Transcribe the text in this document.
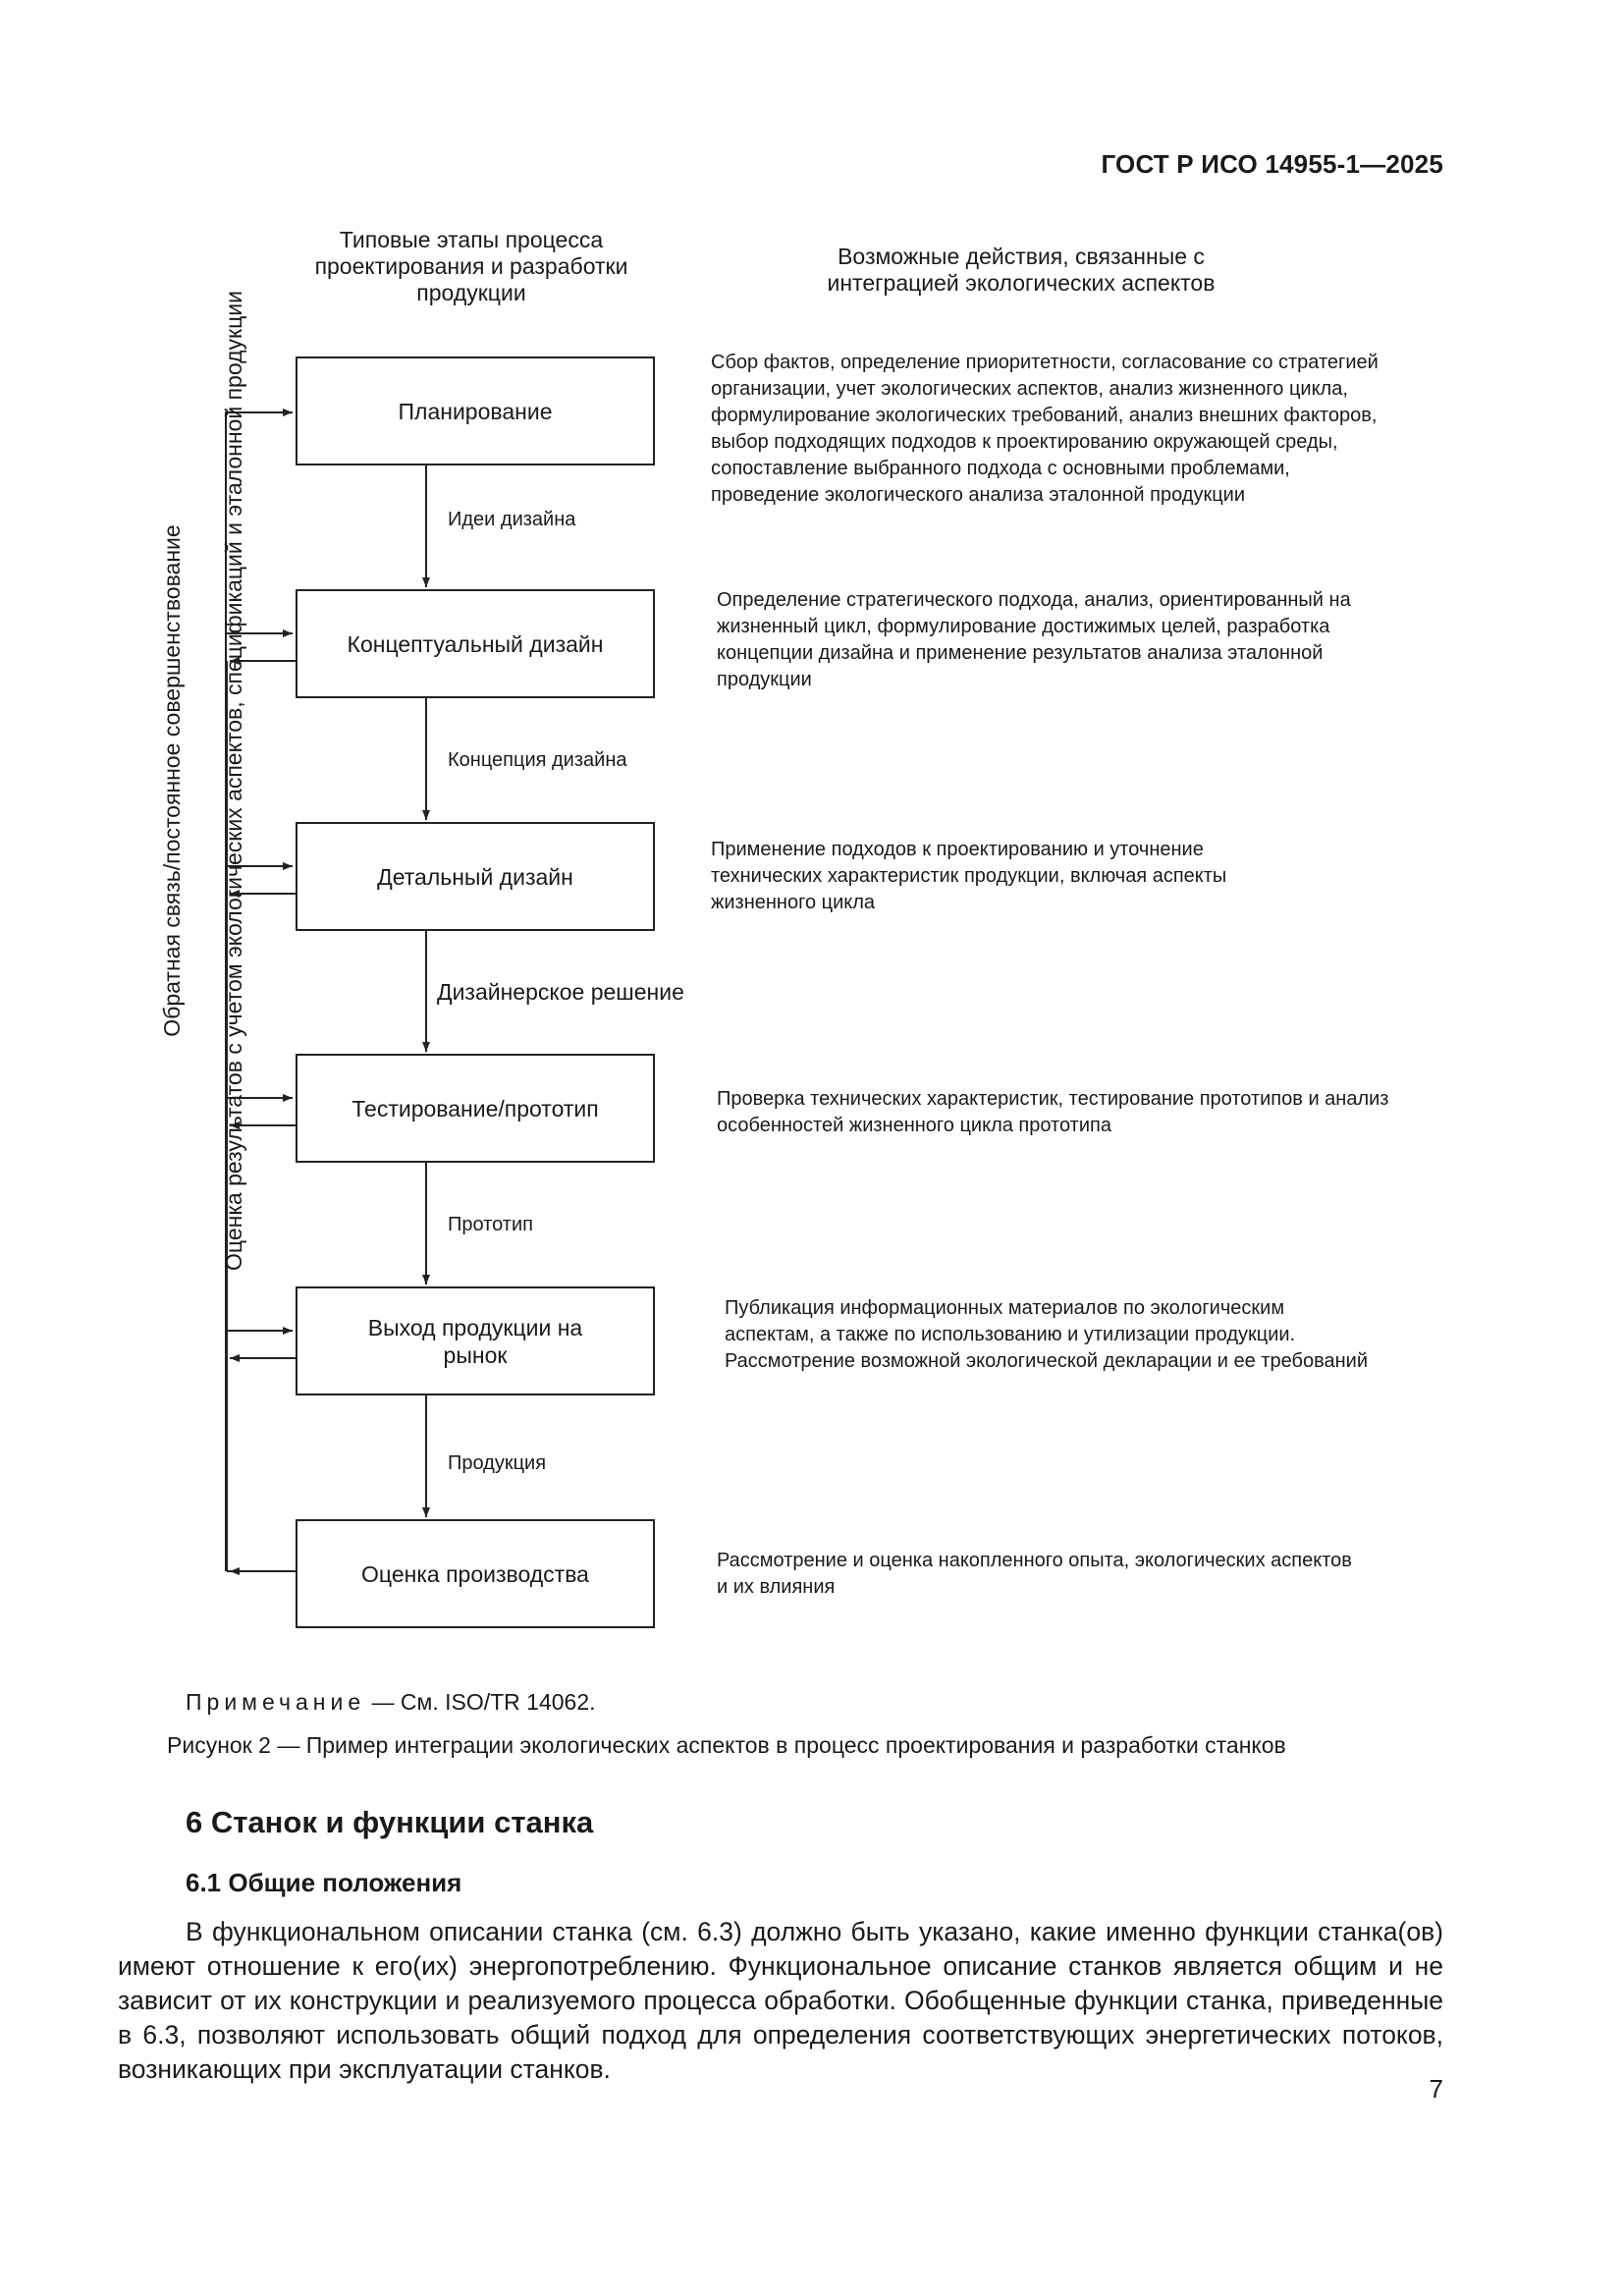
ГОСТ Р ИСО 14955-1—2025
Типовые этапы процесса проектирования и разработки продукции
Возможные действия, связанные с интеграцией экологических аспектов
Обратная связь/постоянное совершенствование Оценка результатов с учетом экологических аспектов, спецификаций и эталонной продукции	Планирование
Концептуальный дизайн
Детальный дизайн
Тестирование/прототип
Выход продукции на рынок
Оценка производства
Идеи дизайна
Концепция дизайна
Дизайнерское решение
Прототип
Продукция
Сбор фактов, определение приоритетности, согласование со стратегией организации, учет экологических аспектов, анализ жизненного цикла, формулирование экологических требований, анализ внешних факторов, выбор подходящих подходов к проектированию окружающей среды, сопоставление выбранного подхода с основными проблемами, проведение экологического анализа эталонной продукции
Определение стратегического подхода, анализ, ориентированный на жизненный цикл, формулирование достижимых целей, разработка концепции дизайна и применение результатов анализа эталонной продукции
Применение подходов к проектированию и уточнение технических характеристик продукции, включая аспекты жизненного цикла
Проверка технических характеристик, тестирование прототипов и анализ особенностей жизненного цикла прототипа
Публикация информационных материалов по экологическим аспектам, а также по использованию и утилизации продукции. Рассмотрение возможной экологической декларации и ее требований
Рассмотрение и оценка накопленного опыта, экологических аспектов и их влияния
Примечание — См. ISO/TR 14062.
Рисунок 2 — Пример интеграции экологических аспектов в процесс проектирования и разработки станков
6 Станок и функции станка
6.1 Общие положения

В функциональном описании станка (см. 6.3) должно быть указано, какие именно функции станка(ов) имеют отношение к его(их) энергопотреблению. Функциональное описание станков является общим и не зависит от их конструкции и реализуемого процесса обработки. Обобщенные функции станка, приведенные в 6.3, позволяют использовать общий подход для определения соответствующих энергетических потоков, возникающих при эксплуатации станков.

7
